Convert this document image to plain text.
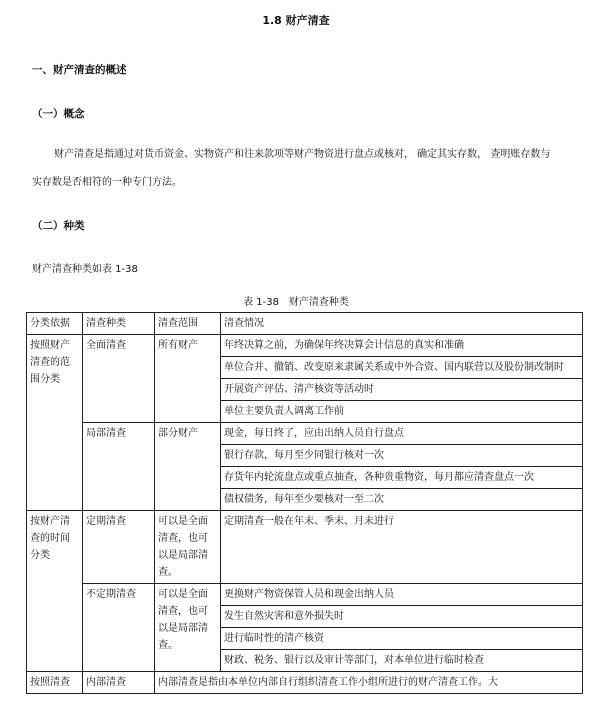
1.8 财产清查
一、财产清查的概述
（一）概念
财产清查是指通过对货币资金、实物资产和往来款项等财产物资进行盘点或核对， 确定其实存数， 查明账存数与实存数是否相符的一种专门方法。
（二）种类
财产清查种类如表 1-38
表 1-38　财产清查种类
分类依据	清查种类	清查范围	清查情况
按照财产清查的范围分类	全面清查	所有财产	年终决算之前，为确保年终决算会计信息的真实和准确
			单位合并、撤销、改变原来隶属关系或中外合资、国内联营以及股份制改制时
			开展资产评估、清产核资等活动时
			单位主要负责人调离工作前
	局部清查	部分财产	现金，每日终了，应由出纳人员自行盘点
			银行存款，每月至少同银行核对一次
			存货年内轮流盘点或重点抽查，各种贵重物资，每月都应清查盘点一次
			债权债务，每年至少要核对一至二次
按财产清查的时间分类	定期清查	可以是全面清查，也可以是局部清查。	定期清查一般在年末、季末、月末进行
	不定期清查	可以是全面清查，也可以是局部清查。	更换财产物资保管人员和现金出纳人员
			发生自然灾害和意外损失时
			进行临时性的清产核资
			财政、税务、银行以及审计等部门，对本单位进行临时检查
按照清查	内部清查	内部清查是指由本单位内部自行组织清查工作小组所进行的财产清查工作。大	
